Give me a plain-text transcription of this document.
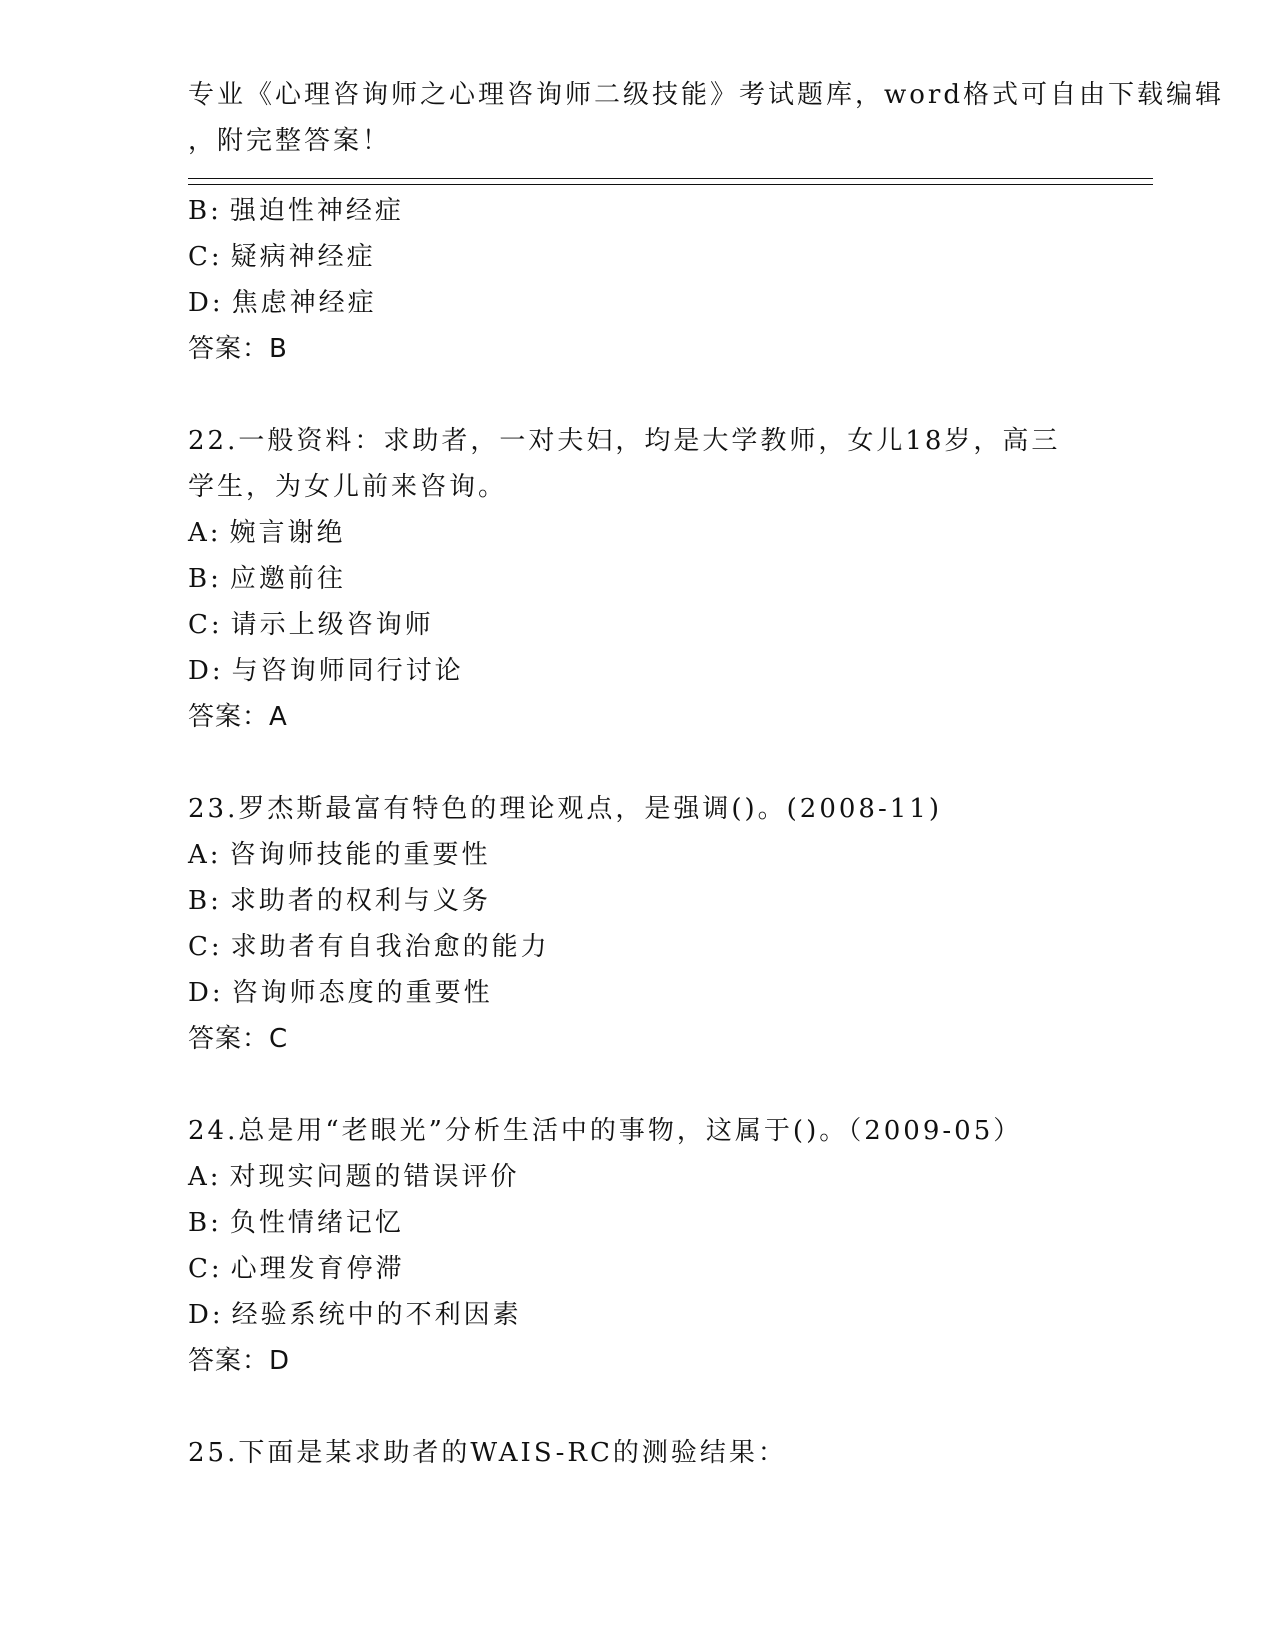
专业《心理咨询师之心理咨询师二级技能》考试题库，word格式可自由下载编辑
，附完整答案！
B: 强迫性神经症
C: 疑病神经症
D: 焦虑神经症
答案：B
22.一般资料：求助者，一对夫妇，均是大学教师，女儿18岁，高三
学生，为女儿前来咨询。
A: 婉言谢绝
B: 应邀前往
C: 请示上级咨询师
D: 与咨询师同行讨论
答案：A
23.罗杰斯最富有特色的理论观点，是强调()。(2008-11)
A: 咨询师技能的重要性
B: 求助者的权利与义务
C: 求助者有自我治愈的能力
D: 咨询师态度的重要性
答案：C
24.总是用“老眼光”分析生活中的事物，这属于()。（2009-05）
A: 对现实问题的错误评价
B: 负性情绪记忆
C: 心理发育停滞
D: 经验系统中的不利因素
答案：D
25.下面是某求助者的WAIS-RC的测验结果：
